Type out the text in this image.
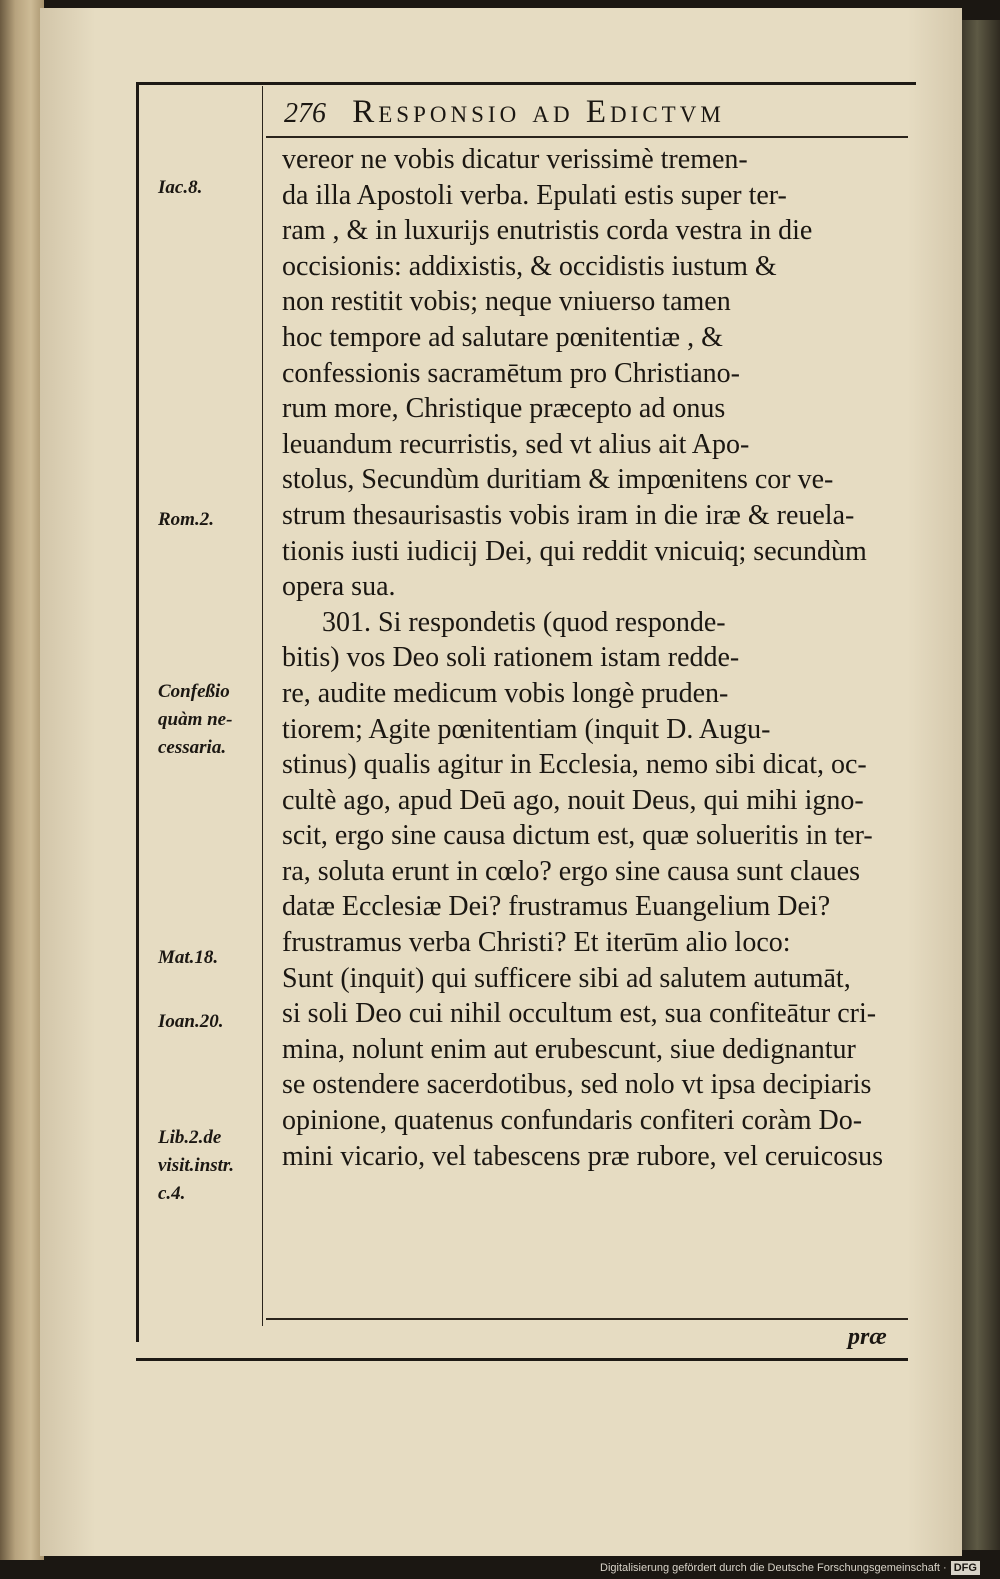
276 Responsio ad Edictvm
Iac.8.
Rom.2.
Confeßio
quàm ne-
cessaria.
Mat.18.
Ioan.20.
Lib.2.de
visit.instr.
c.4.
vereor ne vobis dicatur verissimè tremen-
da illa Apostoli verba. Epulati estis super ter-
ram , & in luxurijs enutristis corda vestra in die
occisionis: addixistis, & occidistis iustum &
non restitit vobis; neque vniuerso tamen
hoc tempore ad salutare pœnitentiæ , &
confessionis sacramētum pro Christiano-
rum more, Christique præcepto ad onus
leuandum recurristis, sed vt alius ait Apo-
stolus, Secundùm duritiam & impœnitens cor ve-
strum thesaurisastis vobis iram in die iræ & reuela-
tionis iusti iudicij Dei, qui reddit vnicuiq; secundùm
opera sua.
301. Si respondetis (quod responde-
bitis) vos Deo soli rationem istam redde-
re, audite medicum vobis longè pruden-
tiorem; Agite pœnitentiam (inquit D. Augu-
stinus) qualis agitur in Ecclesia, nemo sibi dicat, oc-
cultè ago, apud Deū ago, nouit Deus, qui mihi igno-
scit, ergo sine causa dictum est, quæ solueritis in ter-
ra, soluta erunt in cœlo? ergo sine causa sunt claues
datæ Ecclesiæ Dei? frustramus Euangelium Dei?
frustramus verba Christi? Et iterūm alio loco:
Sunt (inquit) qui sufficere sibi ad salutem autumāt,
si soli Deo cui nihil occultum est, sua confiteātur cri-
mina, nolunt enim aut erubescunt, siue dedignantur
se ostendere sacerdotibus, sed nolo vt ipsa decipiaris
opinione, quatenus confundaris confiteri coràm Do-
mini vicario, vel tabescens præ rubore, vel ceruicosus
præ
Digitalisierung gefördert durch die Deutsche Forschungsgemeinschaft · DFG
